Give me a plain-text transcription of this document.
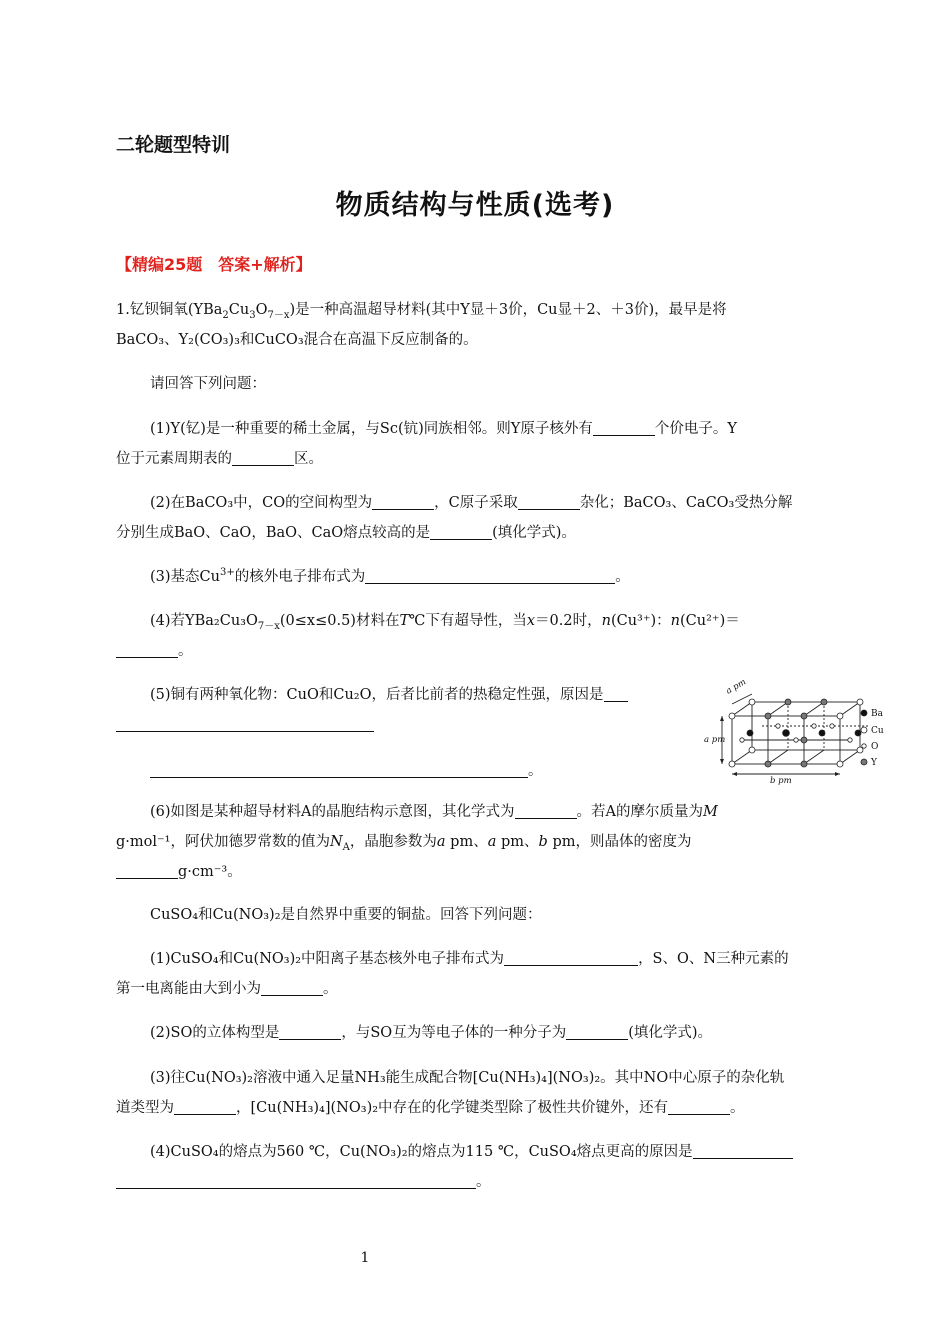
二轮题型特训
物质结构与性质(选考)
【精编25题　答案+解析】
1.钇钡铜氧$(YBa_2Cu_3O_{7-x})$是一种高温超导材料(其中Y显＋3价，Cu显＋2、＋3价)，最早是将
BaCO₃、Y₂(CO₃)₃和CuCO₃混合在高温下反应制备的。
请回答下列问题：
(1)Y(钇)是一种重要的稀土金属，与Sc(钪)同族相邻。则Y原子核外有	个价电子。Y
位于元素周期表的	区。
(2)在BaCO₃中，CO的空间构型为	，C原子采取	杂化；BaCO₃、CaCO₃受热分解
分别生成BaO、CaO，BaO、CaO熔点较高的是	(填化学式)。
(3)基态$Cu^{3+}$的核外电子排布式为	。
(4)若$YBa_2Cu_3O_{7-x}(0\le x\le 0.5)$材料在T℃下有超导性，当x＝0.2时，n(Cu³⁺)：n(Cu²⁺)＝
。
(5)铜有两种氧化物：CuO和Cu₂O，后者比前者的热稳定性强，原因是

。
a pm
a pm
b pm
Ba
Cu
O
Y
(6)如图是某种超导材料A的晶胞结构示意图，其化学式为	。若A的摩尔质量为M
g·mol⁻¹，阿伏加德罗常数的值为$N_A$，晶胞参数为a pm、a pm、b pm，则晶体的密度为
g·cm⁻³。
CuSO₄和Cu(NO₃)₂是自然界中重要的铜盐。回答下列问题：
(1)CuSO₄和Cu(NO₃)₂中阳离子基态核外电子排布式为	，S、O、N三种元素的
第一电离能由大到小为	。
(2)SO的立体构型是	，与SO互为等电子体的一种分子为	(填化学式)。
(3)往Cu(NO₃)₂溶液中通入足量NH₃能生成配合物[Cu(NH₃)₄](NO₃)₂。其中NO中心原子的杂化轨
道类型为	，[Cu(NH₃)₄](NO₃)₂中存在的化学键类型除了极性共价键外，还有	。
(4)CuSO₄的熔点为560 ℃，Cu(NO₃)₂的熔点为115 ℃，CuSO₄熔点更高的原因是
。
1
